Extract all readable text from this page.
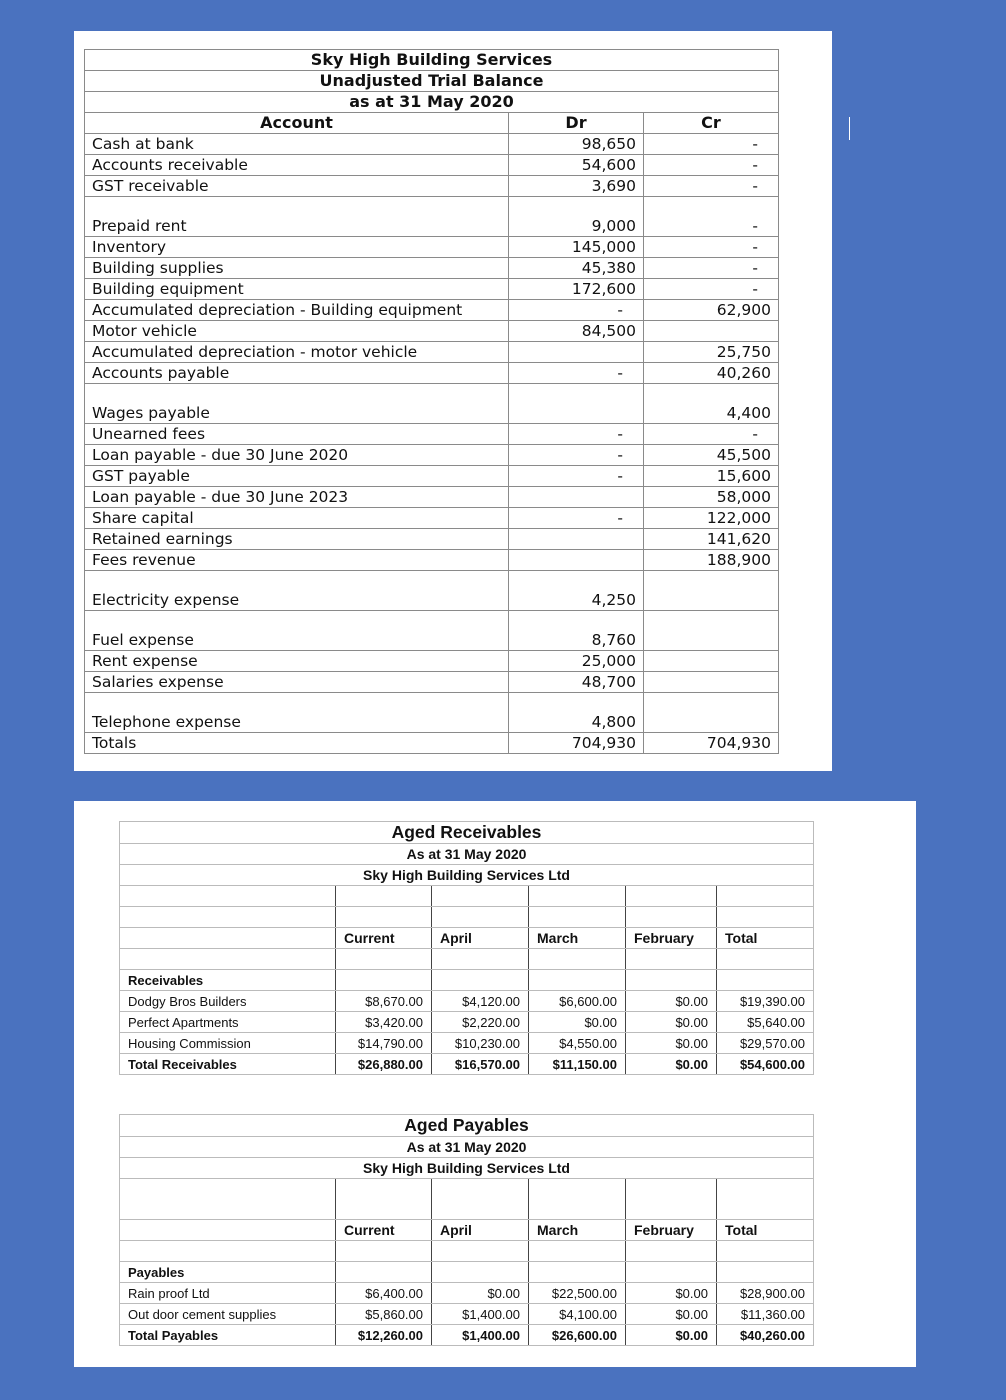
Sky High Building Services		
Unadjusted Trial Balance		
as at 31 May 2020		
Account	Dr	Cr
Cash at bank	98,650	-
Accounts receivable	54,600	-
GST receivable	3,690	-
Prepaid rent	9,000	-
Inventory	145,000	-
Building supplies	45,380	-
Building equipment	172,600	-
Accumulated depreciation - Building equipment	-	62,900
Motor vehicle	84,500	
Accumulated depreciation - motor vehicle		25,750
Accounts payable	-	40,260
Wages payable		4,400
Unearned fees	-	-
Loan payable - due 30 June 2020	-	45,500
GST payable	-	15,600
Loan payable - due 30 June 2023		58,000
Share capital	-	122,000
Retained earnings		141,620
Fees revenue		188,900
Electricity expense	4,250	
Fuel expense	8,760	
Rent expense	25,000	
Salaries expense	48,700	
Telephone expense	4,800	
Totals	704,930	704,930
Aged Receivables					
As at 31 May 2020					
Sky High Building Services Ltd					

	Current	April	March	February	Total

Receivables					
Dodgy Bros Builders	$8,670.00	$4,120.00	$6,600.00	$0.00	$19,390.00
Perfect Apartments	$3,420.00	$2,220.00	$0.00	$0.00	$5,640.00
Housing Commission	$14,790.00	$10,230.00	$4,550.00	$0.00	$29,570.00
Total Receivables	$26,880.00	$16,570.00	$11,150.00	$0.00	$54,600.00
Aged Payables					
As at 31 May 2020					
Sky High Building Services Ltd					

	Current	April	March	February	Total

Payables					
Rain proof Ltd	$6,400.00	$0.00	$22,500.00	$0.00	$28,900.00
Out door cement supplies	$5,860.00	$1,400.00	$4,100.00	$0.00	$11,360.00
Total Payables	$12,260.00	$1,400.00	$26,600.00	$0.00	$40,260.00
